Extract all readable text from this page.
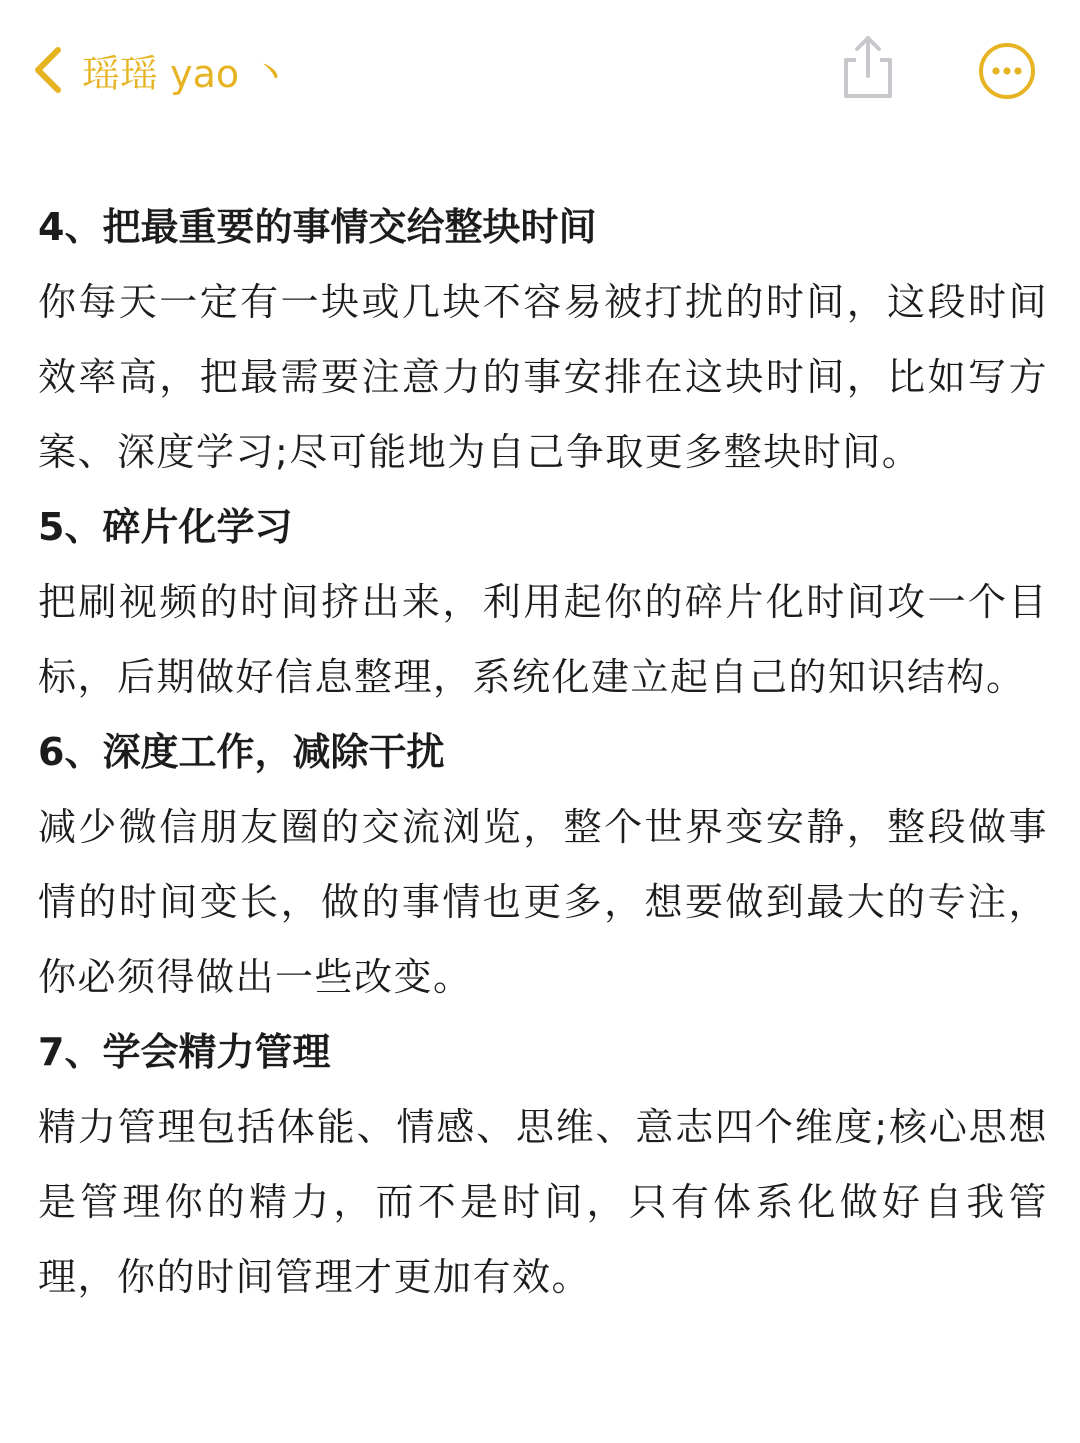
瑶瑶 yao 丶

4、把最重要的事情交给整块时间

你每天一定有一块或几块不容易被打扰的时间，这段时间效率高，把最需要注意力的事安排在这块时间，比如写方案、深度学习;尽可能地为自己争取更多整块时间。

5、碎片化学习

把刷视频的时间挤出来，利用起你的碎片化时间攻一个目标，后期做好信息整理，系统化建立起自己的知识结构。

6、深度工作，减除干扰

减少微信朋友圈的交流浏览，整个世界变安静，整段做事情的时间变长，做的事情也更多，想要做到最大的专注，你必须得做出一些改变。

7、学会精力管理

精力管理包括体能、情感、思维、意志四个维度;核心思想是管理你的精力，而不是时间，只有体系化做好自我管理，你的时间管理才更加有效。
